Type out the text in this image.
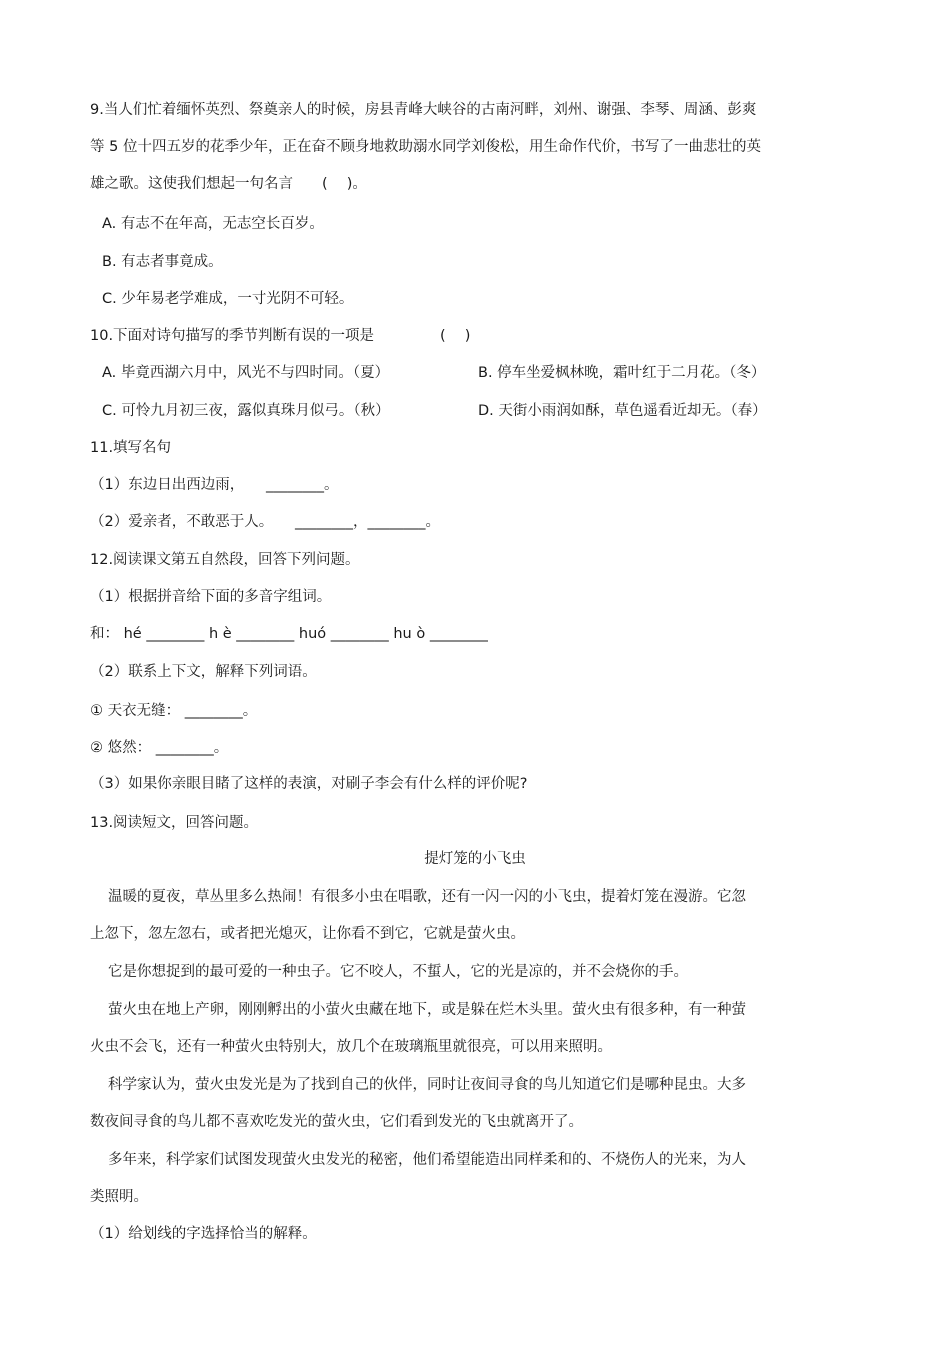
9.当人们忙着缅怀英烈、祭奠亲人的时候，房县青峰大峡谷的古南河畔，刘州、谢强、李琴、周涵、彭爽
等 5 位十四五岁的花季少年，正在奋不顾身地救助溺水同学刘俊松，用生命作代价，书写了一曲悲壮的英
雄之歌。这使我们想起一句名言　　(　 )。
A. 有志不在年高，无志空长百岁。
B. 有志者事竟成。
C. 少年易老学难成，一寸光阴不可轻。
10.下面对诗句描写的季节判断有误的一项是	(　 )
A. 毕竟西湖六月中，风光不与四时同。（夏）	B. 停车坐爱枫林晚，霜叶红于二月花。（冬）
C. 可怜九月初三夜，露似真珠月似弓。（秋）	D. 天街小雨润如酥，草色遥看近却无。（春）
11.填写名句
（1）东边日出西边雨，　　________。
（2）爱亲者，不敢恶于人。　　________，________。
12.阅读课文第五自然段，回答下列问题。
（1）根据拼音给下面的多音字组词。
和： hé ________ h è ________ huó ________ hu ò ________
（2）联系上下文，解释下列词语。
① 天衣无缝： ________。
② 悠然： ________。
（3）如果你亲眼目睹了这样的表演，对刷子李会有什么样的评价呢?
13.阅读短文，回答问题。
提灯笼的小飞虫
温暖的夏夜，草丛里多么热闹！有很多小虫在唱歌，还有一闪一闪的小飞虫，提着灯笼在漫游。它忽
上忽下，忽左忽右，或者把光熄灭，让你看不到它，它就是萤火虫。
它是你想捉到的最可爱的一种虫子。它不咬人，不蜇人，它的光是凉的，并不会烧你的手。
萤火虫在地上产卵，刚刚孵出的小萤火虫藏在地下，或是躲在烂木头里。萤火虫有很多种，有一种萤
火虫不会飞，还有一种萤火虫特别大，放几个在玻璃瓶里就很亮，可以用来照明。
科学家认为，萤火虫发光是为了找到自己的伙伴，同时让夜间寻食的鸟儿知道它们是哪种昆虫。大多
数夜间寻食的鸟儿都不喜欢吃发光的萤火虫，它们看到发光的飞虫就离开了。
多年来，科学家们试图发现萤火虫发光的秘密，他们希望能造出同样柔和的、不烧伤人的光来，为人
类照明。
（1）给划线的字选择恰当的解释。
